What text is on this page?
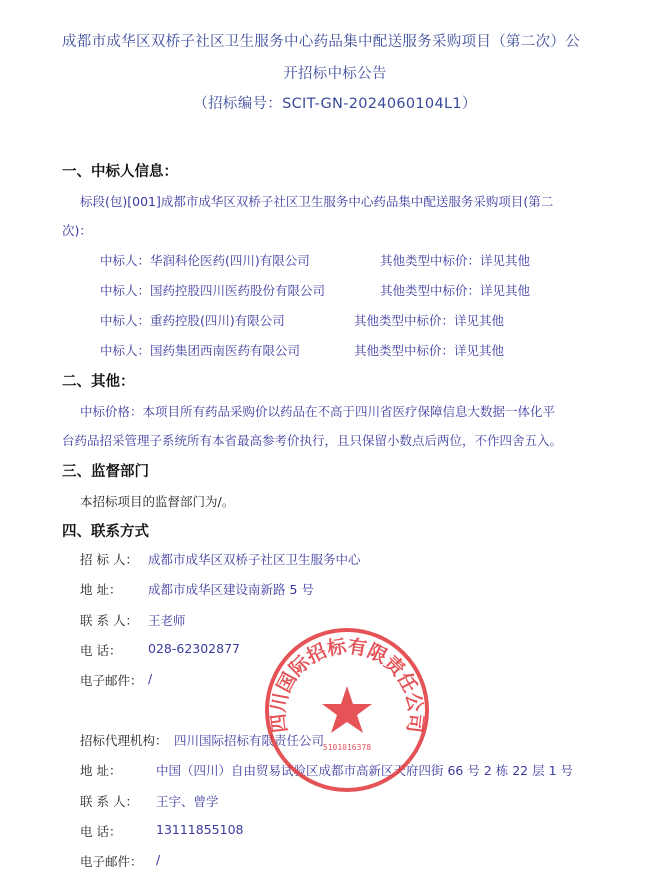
成都市成华区双桥子社区卫生服务中心药品集中配送服务采购项目（第二次）公
开招标中标公告
（招标编号：SCIT-GN-2024060104L1）
一、中标人信息：
标段(包)[001]成都市成华区双桥子社区卫生服务中心药品集中配送服务采购项目(第二
次)：
中标人：华润科伦医药(四川)有限公司	其他类型中标价：详见其他
中标人：国药控股四川医药股份有限公司	其他类型中标价：详见其他
中标人：重药控股(四川)有限公司	其他类型中标价：详见其他
中标人：国药集团西南医药有限公司	其他类型中标价：详见其他
二、其他：
中标价格：本项目所有药品采购价以药品在不高于四川省医疗保障信息大数据一体化平
台药品招采管理子系统所有本省最高参考价执行，且只保留小数点后两位，不作四舍五入。
三、监督部门
本招标项目的监督部门为/。
四、联系方式
招 标 人： 成都市成华区双桥子社区卫生服务中心
地 址： 成都市成华区建设南新路 5 号
联 系 人： 王老师
电 话： 028-62302877
电子邮件： /
招标代理机构： 四川国际招标有限责任公司
地 址：	中国（四川）自由贸易试验区成都市高新区天府四街 66 号 2 栋 22 层 1 号
联 系 人： 王宇、曾学
电 话：	13111855108
电子邮件： /
四川国际招标有限责任公司
5101016378
